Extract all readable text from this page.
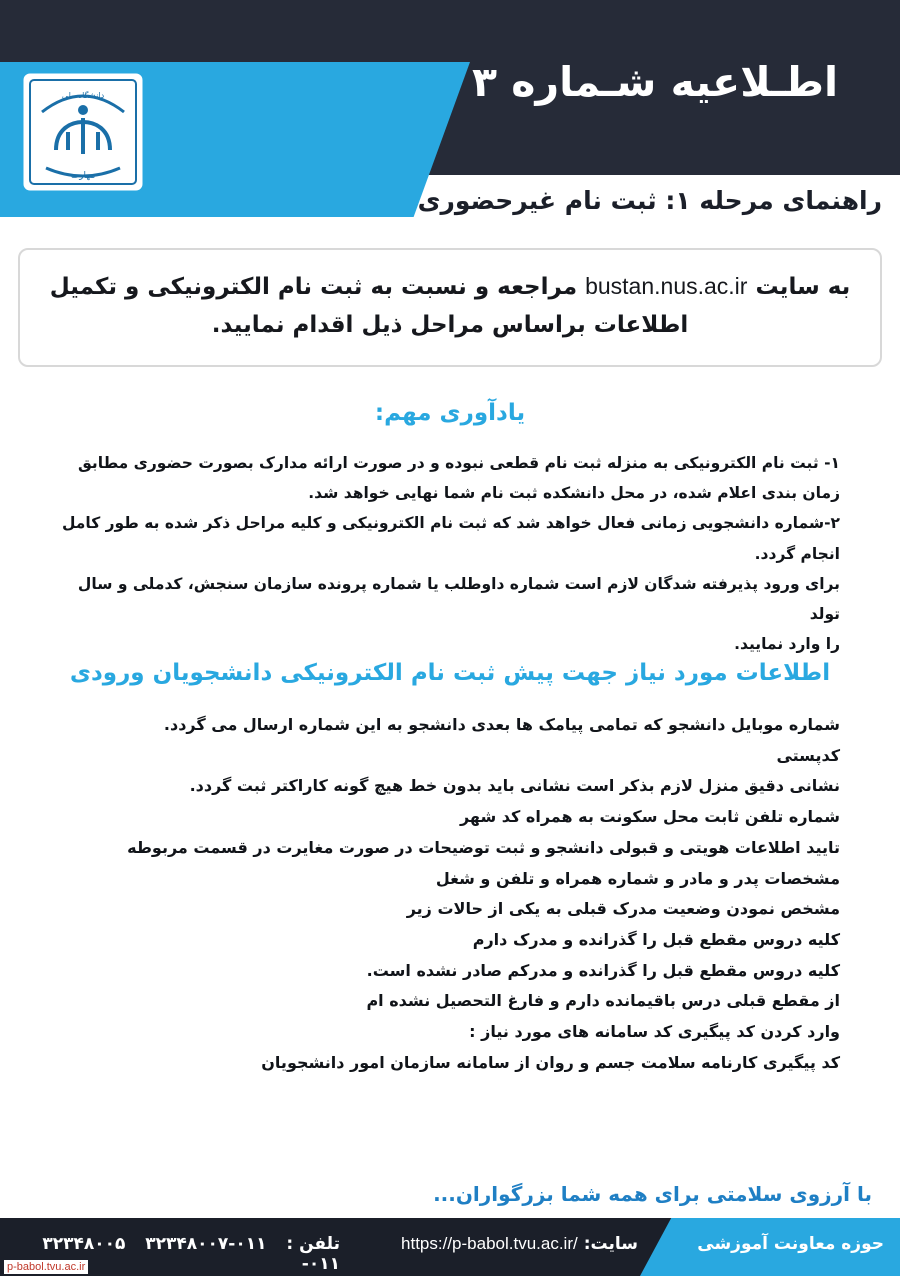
مهارت
دانشگاه ملی	اطـلاعیه شـماره ۳
راهنمای مرحله ۱: ثبت نام غیرحضوری
به سایت bustan.nus.ac.ir مراجعه و نسبت به ثبت نام الکترونیکی و تکمیل
اطلاعات براساس مراحل ذیل اقدام نمایید.
یادآوری مهم:
۱- ثبت نام الکترونیکی به منزله ثبت نام قطعی نبوده و در صورت ارائه مدارک بصورت حضوری مطابق
زمان بندی اعلام شده، در محل دانشکده ثبت نام شما نهایی خواهد شد.
۲-شماره دانشجویی زمانی فعال خواهد شد که ثبت نام الکترونیکی و کلیه مراحل ذکر شده به طور کامل
انجام گردد.
برای ورود پذیرفته شدگان لازم است شماره داوطلب یا شماره پرونده سازمان سنجش، کدملی و سال تولد
را وارد نمایید.
اطلاعات مورد نیاز جهت پیش ثبت نام الکترونیکی دانشجویان ورودی
شماره موبایل دانشجو که تمامی پیامک ها بعدی دانشجو به این شماره ارسال می گردد.
کدپستی
نشانی دقیق منزل لازم بذکر است نشانی باید بدون خط هیچ گونه کاراکتر ثبت گردد.
شماره تلفن ثابت محل سکونت به همراه کد شهر
تایید اطلاعات هویتی و قبولی دانشجو و ثبت توضیحات در صورت مغایرت در قسمت مربوطه
مشخصات پدر و مادر و شماره همراه و تلفن و شغل
مشخص نمودن وضعیت مدرک قبلی به یکی از حالات زیر
کلیه دروس مقطع قبل را گذرانده و مدرک دارم
کلیه دروس مقطع قبل را گذرانده و مدرکم صادر نشده است.
از مقطع قبلی درس باقیمانده دارم و فارغ التحصیل نشده ام
وارد کردن کد پیگیری کد سامانه های مورد نیاز :
کد پیگیری کارنامه سلامت جسم و روان از سامانه سازمان امور دانشجویان
با آرزوی سلامتی برای همه شما بزرگواران...
حوزه معاونت آموزشی
سایت:https://p-babol.tvu.ac.ir/
تلفن : ۰۱۱-۳۲۳۴۸۰۰۷ ۳۲۳۴۸۰۰۵ ۰۱۱-
p-babol.tvu.ac.ir
